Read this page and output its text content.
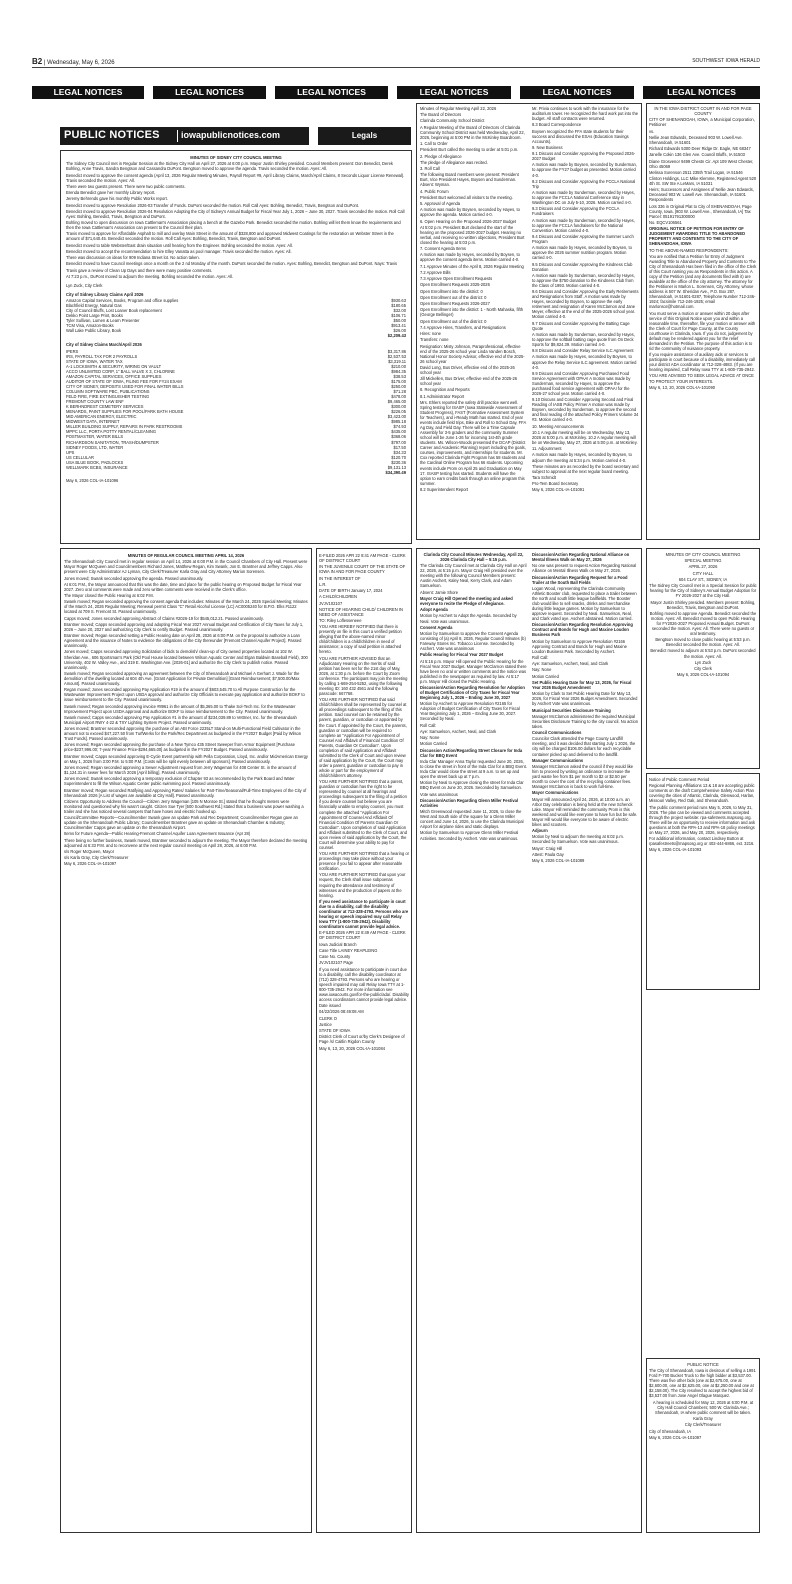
B2 | Wednesday, May 6, 2026	SOUTHWEST IOWA HERALD
LEGAL NOTICES	LEGAL NOTICES	LEGAL NOTICES	LEGAL NOTICES	LEGAL NOTICES	LEGAL NOTICES
PUBLIC NOTICES iowapublicnotices.com	Legals

MINUTES OF SIDNEY CITY COUNCIL MEETING

The Sidney City Council met in Regular Session at the Sidney City Hall on April 27, 2026 at 6:00 p.m. Mayor Justin Shirley presided. Council Members present: Don Benedict, Derek Bohling, Anne Travis, Sandra Bengtson and Cassandra DuPont. Bengtson moved to approve the agenda. Travis seconded the motion. Ayes: All.

Benedict moved to approve the consent agenda (April 13, 2026 Regular Meeting Minutes, Payroll Report #9, April Library Claims, March/April Claims, 8 Seconds Liquor License Renewal). Travis seconded the motion. Ayes: All.

There were two guests present. There were two public comments.

Brenda Benedict gave her monthly Library report.

Jeremy Behrends gave his monthly Public Works report.

Benedict moved to approve Resolution 2026-03 Transfer of Funds. DuPont seconded the motion. Roll Call Ayes: Bohling, Benedict, Travis, Bengtson and DuPont.

Benedict moved to approve Resolution 2026-04 Resolution Adopting the City of Sidney's Annual Budget for Fiscal Year July 1, 2026 – June 30, 2027. Travis seconded the motion. Roll Call Ayes: Bohling, Benedict, Travis, Bengtson and DuPont.

Bohling moved to open discussion on Iowa Cattleman's Association placing a bench at the Gazebo Park. Benedict seconded the motion. Bohling will let them know the requirements and then the Iowa Cattleman's Association can present to the Council their plan.

Travis moved to approve for Affordable Asphalt to mill and overlay Main Street in the amount of $328,800 and approved Midwest Coatings for the restoration on Webster Street in the amount of $71,640.45. Benedict seconded the motion. Roll Call Ayes: Bohling, Benedict, Travis, Bengtson and DuPont.

Benedict moved to table Webster/East drain situation until hearing from the Engineer. Bohling seconded the motion. Ayes: All.

Benedict moved to accept the recommendation to hire Elley Vanatta as pool manager. Travis seconded the motion. Ayes: All.

There was discussion on ideas for 909 Indiana Street lot. No action taken.

Benedict moved to have Council meetings once a month on the 2 nd Monday of the month. DuPont seconded the motion. Ayes: Bohling, Benedict, Bengtson and DuPont. Nays: Travis

Travis gave a review of Clean Up Days and there were many positive comments.

At 7:23 p.m., DuPont moved to adjourn the meeting. Bohling seconded the motion. Ayes: All.

Lyn Zuck, City Clerk

City of Sidney Library Claims April 2026

Amazon Capital Services, Books, Program and office supplies	$930.63
Blachfield Energy, Natural Gas	$180.65
City of Council Bluffs, Lost Loaner Book replacement	$32.00
Dekko Point Large Print, Books	$106.71
Tyler Sullivan, Lumen & Learn Presenter	$50.00
TCM Visa, Amazon-Books	$913.41
Wall Lake Public Library, Book	$26.00
$2,209.43

City of Sidney Claims March/April 2026

IPERS	$3,317.86
IRS, PAYROLL TAX FOR 2 PAYROLLS	$2,537.53
STATE OF IOWA, WATER TAX	$3,319.11
A-1 LOCKSMITH & SECURITY, WIRING ON VAULT	$210.00
ACCO UNLIMITED CORP, 1" BALL VALVE X 3, CHLORINE	$984.35
AMAZON CAPITAL SERVICES, OFFICE SUPPLIES	$38.53
AUDITOR OF STATE OF IOWA, FILING FEE FOR FY24 EXAM	$175.00
CITY OF SIDNEY, DEPOSITS USED FOR FINAL WATER BILLS	$250.00
COLUMN SOFTWARE PBC, PUBLICATIONS	$71.28
FELD FIRE, FIRE EXTINGUISHER TESTING	$478.00
FREMONT COUNTY LAW ENF	$9,465.00
K BERHNDREST CEMETERY SERVICES	$300.00
MENARDS, PAINT SUPPLIES FOR POOL/PARK BATH HOUSE	$226.05
MID AMERICAN ENERGY, ELECTRIC	$3,423.00
MIDWEST DATA, INTERNET	$985.18
MILLER BUILDING SUPPLY, REPAIRS IN PARK RESTROOMS	$74.93
MPPC LLC, PORTA POTTY RENTAL/CLEANING	$435.00
POSTMASTER, WATER BILLS	$368.06
RICHARDSON SANITATION, TRASH/DUMPSTER	$797.00
SIDNEY FOODS, LTD, WATER	$17.50
UPS	$34.33
US CELLULAR	$120.70
USA BLUE BOOK, PADLOCKS	$230.36
WELLMARK BCBS, INSURANCE	$9,131.13
$34,390.49

May 6, 2026 COL-IA-101096

MINUTES OF REGULAR COUNCIL MEETING APRIL 14, 2026

The Shenandoah City Council met in regular session on April 14, 2026 at 6:00 P.M. in the Council Chambers of City Hall. Present were Mayor Roger McQueen and Councilmembers Richard Jones, Matthew Regan, Kim Swank, Jon E. Brantner and Jeffrey Capps. Also present were City Administrator AJ Lyman, City Clerk/Treasurer Karla Gray and City Attorney Marion Sorensen.

Jones moved; Swank seconded approving the agenda. Passed unanimously.

At 6:01 P.M., the Mayor announced that this was the date, time and place for the public hearing on Proposed Budget for Fiscal Year 2027. Zero oral comments were made and zero written comments were received in the Clerk's office.

The Mayor closed the Public Hearing at 6:02 P.M.

Swank moved; Regan seconded approving the consent agenda that includes: Minutes of the March 24, 2026 Special Meeting; Minutes of the March 24, 2026 Regular Meeting; Renewal permit Class "C" Retail Alcohol License (LC) AC0005240 for B.P.O. Elks #1122 located at 709 S. Fremont St. Passed unanimously.

Capps moved; Jones seconded approving Abstract of Claims #2026-19 for $545,012.21. Passed unanimously.

Brantner moved; Capps seconded approving and adopting Fiscal Year 2027 Annual Budget and Certification of City Taxes for July 1, 2026 – June 20, 2027 and authorizing City Clerk to certify Budget. Passed unanimously.

Brantner moved; Regan seconded setting a Public Hearing date on April 28, 2026 at 6:00 P.M. on the proposal to authorize a Loan Agreement and the issuance of Notes to evidence the obligations of the City thereunder [Fremont Channel Aquifer Project]. Passed unanimously.

Jones moved; Capps seconded approving Solicitation of bids to demolish/ clean-up of City owned properties located at 102 W. Sheridan Ave., 606 Sportsman's Park (Old Pool House located between Wilson Aquatic Center and Elgan Baldwin Baseball Field), 300 University, 402 W. Valley Ave., and 319 E. Washington Ave. [2026-01] and authorize the City Clerk to publish notice. Passed unanimously.

Swank moved; Regan seconded approving an agreement between the City of Shenandoah and Michael A Gerhart J. Wade for the demolition of the dwelling located at 604 4th Ave. [Grant Application for Private Demolition] [Grant Reimbursement; $7,500.00/Max Amount]. Passed unanimously.

Regan moved; Jones seconded approving Pay Application #19 in the amount of $603,545.70 to All Purpose Construction for the Wastewater Improvement Project upon USDA approval and authorize City Officials to execute pay application and authorize BOKF to issue reimbursement to the City. Passed unanimously.

Swank moved; Regan seconded approving invoice #8961 in the amount of $5,365.00 to Thake Sol-Tech Inc. for the Wastewater Improvement Project upon USDA approval and authorize BOKF to issue reimbursement to the City. Passed unanimously.

Swank moved; Capps seconded approving Pay Application #1 in the amount of $234,039.89 to Vettrner, Inc. for the Shenandoah Municipal Airport RWY 4-22 & TXY Lighting System Project. Passed unanimously.

Jones moved; Brantner seconded approving the purchase of an ABI Force 2235LT Stand-on Multi-Functional Field Cultivator in the amount not to exceed $47,227.50 from TurfWerks for the Park/Rec Department as budgeted in the FY2027 Budget [Paid by Wilson Trust Funds]. Passed unanimously.

Jones moved; Regan seconded approving the purchase of a New Tymco 435 Street Sweeper from Armor Equipment [Purchase price-$237,996.00; 7-year Finance Price-$294,665.00] as budgeted in the FY2027 Budget. Passed unanimously.

Brantner moved; Capps seconded approving E-Cycle Event partnership with Pella Corporation, Lloyd, Inc. and/or MidAmerican Energy on May 1, 2026 from 3:00 P.M. to 5:00 P.M. [Costs will be split evenly between all sponsors]. Passed unanimously.

Jones moved; Regan seconded approving a Sewer Adjustment request from Jerry Wageman for 408 Center St. in the amount of $1,124.31 in sewer fees for March 2026 [April billing]. Passed unanimously.

Jones moved; Swank seconded approving a temporary exclusion of Chapter 93 as recommended by the Park Board and Water Superintendent to fill the Wilson Aquatic Center public swimming pool. Passed unanimously.

Brantner moved; Regan seconded Ratifying and Approving Rates/ Salaries for Part-Time/Seasonal/Full-Time Employees of the City of Shenandoah 2026 [A List of wages are available at City Hall]. Passed unanimously.

Citizens Opportunity to Address the Council—Citizen Jerry Wageman [105 N Monroe St.] stated that he thought meters were monitored and questioned why his wasn't caught. Citizen Sue Tyer [500 Southwest Rd.] stated that a business was power washing a trailer and she has noticed several campers that have hoses and electric hooked up.

Council/Committee Reports—Councilmember Swank gave an update Park and Rec Department; Councilmember Regan gave an update on the Shenandoah Public Library; Councilmember Brantner gave an update on Shenandoah Chamber & Industry; Councilmember Capps gave an update on the Shenandoah Airport.

Items for Future Agenda—Public Hearing-Fremont Channel Aquifer Loan Agreement Issuance (Apr 28)

There being no further business, Swank moved, Brantner seconded to adjourn the meeting. The Mayor therefore declared the meeting adjourned at 6:33 P.M. and to reconvene at the next regular council meeting on April 28, 2026, at 6:00 P.M.

s/s Roger McQueen, Mayor

s/s Karla Gray, City Clerk/Treasurer

May 6, 2026 COL-IA-101097

E-FILED 2026 APR 22 8:41 AM PAGE - CLERK OF DISTRICT COURT

IN THE JUVENILE COURT OF THE STATE OF IOWA IN AND FOR PAGE COUNTY

IN THE INTEREST OF

L.R.

DATE OF BIRTH January 17, 2024

A CHILD/CHILDREN

JVJV102107

NOTICE OF HEARING CHILD/ CHILDREN IN NEED OF ASSISTANCE

TO: Riley Loflesseneee

YOU ARE HEREBY NOTIFIED that there is presently on file in this court a verified petition alleging that the above-named minor child/children is a child/children in need of assistance; a copy of said petition is attached hereto.

YOU ARE FURTHER ADVISED that an Adjudicatory Hearing on the merits of said petition has been set for the 21st day of May, 2026, at 1:30 p.m. before the Court by Zoom conference. The participant may join the meeting by calling 1-669-254-5252, using the following meeting ID: 160 432 4561 and the following passcode: 667768.

YOU ARE FURTHER NOTIFIED that said child/children shall be represented by counsel at all proceedings subsequent to the filing of this petition. Said counsel can be retained by the parent, guardian, or custodian or appointed by the Court. If appointed by the Court, the parents, guardian or custodian will be required to complete an "Application For Appointment of Counsel And Affidavit of Financial Condition Of Parents, Guardian Or Custodian". Upon completion of said Application and Affidavit submitted to the Clerk of Court and upon review of said application by the Court, the Court may order a parent, guardian or custodian to pay in whole or part for the employment of child/children's attorney.

YOU ARE FURTHER NOTIFIED that a parent, guardian or custodian has the right to be represented by counsel at all hearings and proceedings subsequent to the filing of a petition if you desire counsel but believe you are financially unable to employ counsel, you must complete the attached "Application For Appointment Of Counsel And Affidavit Of Financial Condition Of Parents Guardian Or Custodian". Upon completion of said Application and Affidavit submitted to the Clerk of Court, and upon review of said application by the Court, the Court will determine your ability to pay for counsel.

YOU ARE FURTHER NOTIFIED that a hearing or proceedings may take place without your presence if you fail to appear after reasonable notification.

YOU ARE FURTHER NOTIFIED that upon your request, the Clerk shall issue subpoenas requiring the attendance and testimony of witnesses and the production of papers at the hearing.

If you need assistance to participate in court due to a disability, call the disability coordinator at 712-328-4793. Persons who are hearing or speech impaired may call Relay Iowa TTY (1-800-735-2942). Disability coordinators cannot provide legal advice.

E-FILED 2026 APR 22 8:49 AM PAGE - CLERK OF DISTRICT COURT

Iowa Judicial Branch

Case Title LAINEY REAPLEING

Case No. County

JVJV102107 Page

If you need assistance to participate in court due to a disability, call the disability coordinator at (712) 328-4793. Persons who are hearing or speech impaired may call Relay Iowa TTY at 1-800-735-2942. For more information see www.iowacourts.gov/for-the-public/ada/. Disability access coordinators cannot provide legal advice.

Date issued

04/22/2026 08:49:08 AM

CLERK O

Justice

STATE OF IOWA

District Clerk of Court or/by Clerk's Designee of Page /s/ Caitlin Rigdon County

May 6, 13, 20, 2026 COL-IA-101084

Minutes of Regular Meeting April 22, 2026

The Board of Directors

Clarinda Community School District

A Regular Meeting of the Board of Directors of Clarinda Community School District was held Wednesday, April 22, 2026, beginning at 5:00 PM in the McKinley Boardroom.

1. Call to Order

President Burt called the meeting to order at 5:01 p.m.

2. Pledge of Allegiance

The pledge of Allegiance was recited.

3. Roll Call

The following Board members were present: President Burt, Vice President Hayes, Boysen and Sunderman. Absent: Wyman.

4. Public Forum

President Burt welcomed all visitors to the meeting.

5. Approval of Agenda

A motion was made by Boysen, seconded by Hayes, to approve the agenda. Motion carried 4-0.

6. Open Hearing on the Proposed 2026-2027 Budget

At 5:02 p.m. President Burt declared the start of the hearing on the proposed 2026-2027 budget. Hearing no verbal, and receiving no written objections, President Burt closed the hearing at 5:03 p.m.

7. Consent Agenda Items

A motion was made by Hayes, seconded by Boysen, to approve the consent agenda items. Motion carried 4-0.

7.1 Approve Minutes of the April 8, 2026 Regular Meeting

7.2 Approve Bills

7.3 Approve Open Enrollment Requests

Open Enrollment Requests 2025-2026

Open Enrollment into the district: 0

Open Enrollment out of the district: 0

Open Enrollment Requests 2026-2027

Open Enrollment into the district: 1 - North Mahaska, fifth (George Bellinger)

Open Enrollment out of the district: 0

7.4 Approve Hires, Transfers, and Resignations

Hires: none

Transfers: none

Resignation: Misty Johnson, Paraprofessional, effective end of the 2025-26 school year Linda Vanden Bosch, National Honor Society Advisor, effective end of the 2025-26 school year

David Long, Bus Driver, effective end of the 2025-26 school year

Jill Mickellen, Bus Driver, effective end of the 2025-26 school year

8. Recognition and Reports

8.1 Administrator Report

Mrs. Ehlers reported the safety drill practice went well. Spring testing for ISASP (Iowa Statewide Assessment of Student Progress), FAST (Formative Assessment System for Teachers), and i-Ready Math has started. End of year events include field trips, Bike and Roll to School Day, FFA Ag Day, and Field Day. There will be a Time Capsule Assembly for 3-5 graders and the community Summer school will be June 1-26 for incoming 1st-4th grade students. Ms. Wilson-Woods presented the DCAP (District Career and Academic Planning) report including the goals, courses, improvements, and internships for students. Mr. Cox reported Clarinda Fight Program has 58 students and the Cardinal Online Program has 66 students. Upcoming events include Prom on April 25 and Graduation on May 17. ISASP testing has started. Students will have the option to earn credits back through an online program this summer.

8.2 Superintendent Report

Mr. Privia continues to work with the insurance for the auditorium tower. He recognized the hard work put into the budget. All staff contracts were returned.

8.3 Board Correspondence

Boysen recognized the FFA state students for their success and discussed the ESAs (Education Savings Accounts).

9. New Business

9.1 Discuss and Consider Approving the Proposed 2026-2027 Budget

A motion was made by Boysen, seconded by Sunderman, to approve the FY27 budget as presented. Motion carried 4-0.

9.2 Discuss and Consider Approving the FCCLA National Trip

A motion was made by Sunderman, seconded by Hayes, to approve the FCCLA National Conference stay in Washington DC on July 5-10, 2026. Motion carried 4-0.

9.3 Discuss and Consider Approving the FCCLA Fundraisers

A motion was made by Sunderman, seconded by Hayes, to approve the FCCLA fundraisers for the National Convention. Motion carried 4-0.

9.4 Discuss and Consider Approving the Summer Lunch Program

A motion was made by Hayes, seconded by Boysen, to approve the 2026 summer nutrition program. Motion carried 4-0.

9.5 Discuss and Consider Approving the Kindness Club Donation

A motion was made by Sunderman, seconded by Hayes, to approve the $750 donation to the Kindness Club from the Class of 1993. Motion carried 4-0.

9.6 Discuss and Consider Approving the Early Retirements and Resignations from Staff. A motion was made by Hayes, seconded by Boysen, to approve the early retirement and resignation of Karen McClarnon and Jane Meyer, effective at the end of the 2025-2026 school year. Motion carried 4-0.

9.7 Discuss and Consider Approving the Batting Cage Quote

A motion was made by Sunderman, seconded by Hayes, to approve the softball batting cage quote from On Deck Sports for $9,824.39. Motion carried 4-0.

9.8 Discuss and Consider Relay Service ILC Agreement

A motion was made by Hayes, seconded by Boysen, to approve the Relay Service ILC agreement. Motion carried 4-0.

9.9 Discuss and Consider Approving Purchased Food Service Agreement with OPAA! A motion was made by Sunderman, seconded by Hayes, to approve the purchased food service agreement with OPAA! for the 2026-27 school year. Motion carried 4-0.

9.10 Discuss and Consider Approving Second and Final Reading of IASB Policy Primer A motion was made by Boysen, seconded by Sunderman, to approve the second and final reading of the attached Policy Primers Volume 34 #3. Motion carried 4-0.

10. Meeting Announcements

10.1 A regular meeting will be on Wednesday, May 13, 2026 at 5:00 p.m. at McKinley. 10.2 A regular meeting will be on Wednesday, May 27, 2026 at 5:00 p.m. at McKinley.

11. Adjournment

A motion was made by Hayes, seconded by Boysen, to adjourn the meeting at 5:34 p.m. Motion carried 4-0.

These minutes are as recorded by the board secretary and subject to approval at the next regular board meeting.

Tara Schmidt

Pro-Tem Board Secretary

May 6, 2026 COL-IA-101091

Clarinda City Council Minutes Wednesday, April 22, 2026 Clarinda City Hall – 5:15 p.m.

The Clarinda City Council met at Clarinda City Hall on April 22, 2026, at 5:15 p.m. Mayor Craig Hill presided over the meeting with the following Council Members present: Austin Aschert, Kaley Neal, Kerry Clark, and Adam Samuelson.

Absent: Jamie Shore

Mayor Craig Hill Opened the meeting and asked everyone to recite the Pledge of Allegiance.

Adopt Agenda

Motion by Aschert to Adopt the Agenda. Seconded by Neal. Vote was unanimous.

Consent Agenda

Motion by Samuelson to approve the Consent Agenda consisting of (a) April 8, 2026, Regular Council Minutes (b) Fareway Stores Inc. Tobacco License. Seconded by Aschert. Vote was unanimous

Public Hearing for Fiscal Year 2027 Budget

At 5:16 p.m. Mayor Hill opened the Public Hearing for the Fiscal Year 2027 Budget. Manager McClarnon stated there have been no oral or written comments and the notice was published in the newspaper as required by law. At 5:17 p.m. Mayor Hill closed the Public Hearing.

Discussion/Action Regarding Resolution for Adoption of Budget Certification of City Taxes for Fiscal Year Beginning July 1, 2026 – Ending June 30, 2027

Motion by Aschert to Approve Resolution #2165 for Adoption of Budget Certification of City Taxes for Fiscal Year Beginning July 1, 2026 – Ending June 30, 2027. Seconded by Neal.

Roll Call:

Aye: Samuelson, Aschert, Neal, and Clark

Nay: None

Motion Carried

Discussion Action/Regarding Street Closure for Inda Clar for BBQ Event

Inda Clar Manager Anna Taylor requested June 20, 2026, to close the street in front of the Inda Clar for a BBQ Event. Inda Clar would close the street at 9 a.m. to set up and open the street back up at 7 p.m.

Motion by Neal to Approve closing the street for Inda Clar BBQ Event on June 20, 2026. Seconded by Samuelson.

Vote was unanimous

Discussion/Action Regarding Glenn Miller Festival Activities

Mitch Greenwood requested June 11, 2026, to close the West and South side of the square for a Glenn Miller concert and June 14, 2026, to use the Clarinda Municipal Airport for airplane rides and static displays.

Motion by Samuelson to Approve Glenn Miller Festival Activities. Seconded by Aschert. Vote was unanimous.

Discussion/Action Regarding National Alliance on Mental Illness Walk on May 27, 2026

No one was present to request Action Regarding National Alliance on Mental Illness Walk on May 27, 2026.

Discussion/Action Regarding Request for a Food Trailer at the South Ball Fields

Logan Wood, representing the Clarinda Community Athletic Booster club, requested to place a trailer between the north and south little league ballfields. The Booster club would like to sell snacks, drinks and merchandise during little league games. Motion by Samuelson to approve request. Seconded by Neal. Samuelson, Neal, and Clark voted aye. Aschert abstained. Motion carried.

Discussion/Action Regarding Resolution Approving Contract and Bonds for Hugh and Maxine Loudon Business Park

Motion by Samuelson to Approve Resolution #2166 Approving Contract and Bonds for Hugh and Maxine Loudon Business Park. Seconded by Aschert.

Roll Call:

Aye: Samuelson, Aschert, Neal, and Clark

Nay: None

Motion Carried

Set Public Hearing Date for May 13, 2026, for Fiscal Year 2026 Budget Amendment

Motion by Clark to Set Public Hearing Date for May 13, 2026, for Fiscal Year 2026 Budget Amendment. Seconded by Aschert Vote was unanimous.

Municipal Securities Disclosure Training

Manager McClarnon administered the required Municipal Securities Disclosure Training to the city council. No action taken.

Council Communications

Councilor Clark attended the Page County Landfill meeting, and it was decided that starting July 1 2026, the city will be charged $106.00 dollars for each recyclable container picked up and delivered to the landfill.

Manager Communications

Manager McClarnon asked the council if they would like him to proceed by writing an ordinance to increase the yard waste fee from $1 per month to $2 or $2.50 per month to cover the cost of the recycling container fees. Manager McClarnon is back to work full-time.

Mayor Communications

Mayor Hill announced April 24, 2026, at 10:00 a.m. an Arbor Day celebration is being held at the new Schenck Lake. Mayor Hill reminded the community Prom is this weekend and would like everyone to have fun but be safe. Mayor Hill would like everyone to be aware of electric bikes and scooters.

Adjourn

Motion by Neal to adjourn the meeting at 6:02 p.m. Seconded by Samuelson. Vote was unanimous.

Mayor: Craig Hill

Attest: Paula Gay

May 6, 2026 COL-IA-101089

IN THE IOWA DISTRICT COURT IN AND FOR PAGE COUNTY

CITY OF SHENANDOAH, IOWA, a Municipal Corporation, Petitioner

vs.

Nellie Jean Edwards, Deceased 903 W. Lowell Ave. Shenandoah, IA 51601

Richard Edwards 5300 Deer Ridge Dr. Eagle, NE 68347

Janelle Cokin 136 Glen Ave. Council Bluffs, IA 51503

Diane Grosvenor 9499 Chestn Cir. Apt 109 West Chester, Ohio 45069

Melissa Sorenson 2511 235th Trail Logan, IA 51546

Clinton Holdings, LLC Mike Klemme, Registered Agent 520 4th St. SW Ste A LeMars, IA 51031

Heirs; Successors and Assignees of Nellie Jean Edwards, Deceased 903 W. Lowell Ave. Shenandoah, IA 51601 Respondents

Lots 336 in Original Plat to City of SHENANDOAH, Page County, Iowa. [903 W. Lowell Ave., Shenandoah, IA] Tax Parcel: 05191791300000

No. EQCV106561

ORIGINAL NOTICE OF PETITION FOR ENTRY OF JUDGEMENT AWARDING TITLE TO ABANDONED PROPERTY AND CONTENTS TO THE CITY OF SHENANDOAH, IOWA

TO THE ABOVE-NAMED RESPONDENTS:

You are notified that a Petition for Entry of Judgment Awarding Title to Abandoned Property and Contents to The City of Shenandoah Has been filed in the office of the Clerk of this Court naming you as Respondents in this action. A copy of the Petition (and any documents filed with it) are available at the office of the city attorney. The attorney for the Petitioner is Marlon L. Sorensen, City Attorney, whose address is 507 W. Sheridan Ave., P.O. Box 287, Shenandoah, IA 51601-0287, Telephone Number 712-246-1924; facsimile 712-246-1925; email marlonsor@hotmail.com.

You must serve a motion or answer within 20 days after service of this Original Notice upon you and within a reasonable time, thereafter, file your motion or answer with the Clerk of Court for Page County, at the County courthouse in Clarinda, Iowa. If you do not, judgement by default may be rendered against you for the relief demanded in the Petition. The purpose of this action is to rid the community of nuisance property.

If you require assistance of auxiliary aids or services to participate in court because of a disability, immediately call your district ADA coordinator at 712-328-4883. (If you are hearing impaired, Call Relay Iowa TTY at 1-800-735-2942.

YOU ARE ADVISED TO SEEK LEGAL ADVICE AT ONCE TO PROTECT YOUR INTERESTS.

May 6, 13, 20, 2026 COL-IA-101090

MINUTES OF CITY COUNCIL MEETING

SPECIAL MEETING

APRIL 27, 2026

CITY HALL

604 CLAY ST., SIDNEY, IA

The Sidney City Council met in a Special Session for public hearing for the City of Sidney's Annual Budget Adoption for FY 2026-2027 at the City Hall.

Mayor Justin Shirley presided. Members present: Bohling, Benedict, Travis, Bengtson and DuPont.

Bohling moved to approve Agenda. Benedict seconded the motion. Ayes: All. Benedict moved to open Public Hearing for FY2026-2027 Proposed Annual Budget. DuPont seconded the motion. Ayes: All. There were no guests or oral testimony.

Bengtson moved to close public hearing at 5:53 p.m. Benedict seconded the motion. Ayes: All.

Benedict moved to adjourn at 5:53 p.m. DuPont seconded the motion. Ayes: All.

Lyn Zuck

City Clerk

May 6, 2026 COL-IA-101094

Notice of Public Comment Period

Regional Planning Affiliations 13 & 18 are accepting public comments on the draft Comprehensive Safety Action Plan covering the cities of Atlantic, Clarinda, Glenwood, Harlan, Missouri Valley, Red Oak, and Shenandoah.

The public comment period runs May 5, 2026, to May 31, 2026. The plan can be viewed and comments accepted through the project website: rpa-safetreets.mapsosg.org. There will be an opportunity to receive information and ask questions at both the RPA-13 and RPA-18 policy meetings on May 27, 2026, and May 20, 2026, respectively.

For additional information, contact Lindsey Button at rpasafestreets@mapsosg.org or 402-444-6866, ext. 3216.

May 6, 2026 COL-IA-101093

PUBLIC NOTICE

The City of Shenandoah, Iowa is desirous of selling a 1991 Ford F-700 Bucket Truck to the high bidder at $3,537.00. There was five other bids (one at $2,675.00, one at $2,600.00, one at $2,625.00, one at $2,250.00 and one at $2,158.00). The City resolved to accept the highest bid of $3,537.00 from Jose Angel Olague Marquez.

A hearing is scheduled for May 12, 2026 at 6:00 P.M. at City Hall Council Chambers; 500 W. Clarinda Ave.; Shenandoah, IA where public comment will be taken.

Karla Gray

City Clerk/Treasurer

City of Shenandoah, IA

May 6, 2026 COL-IA-101097
